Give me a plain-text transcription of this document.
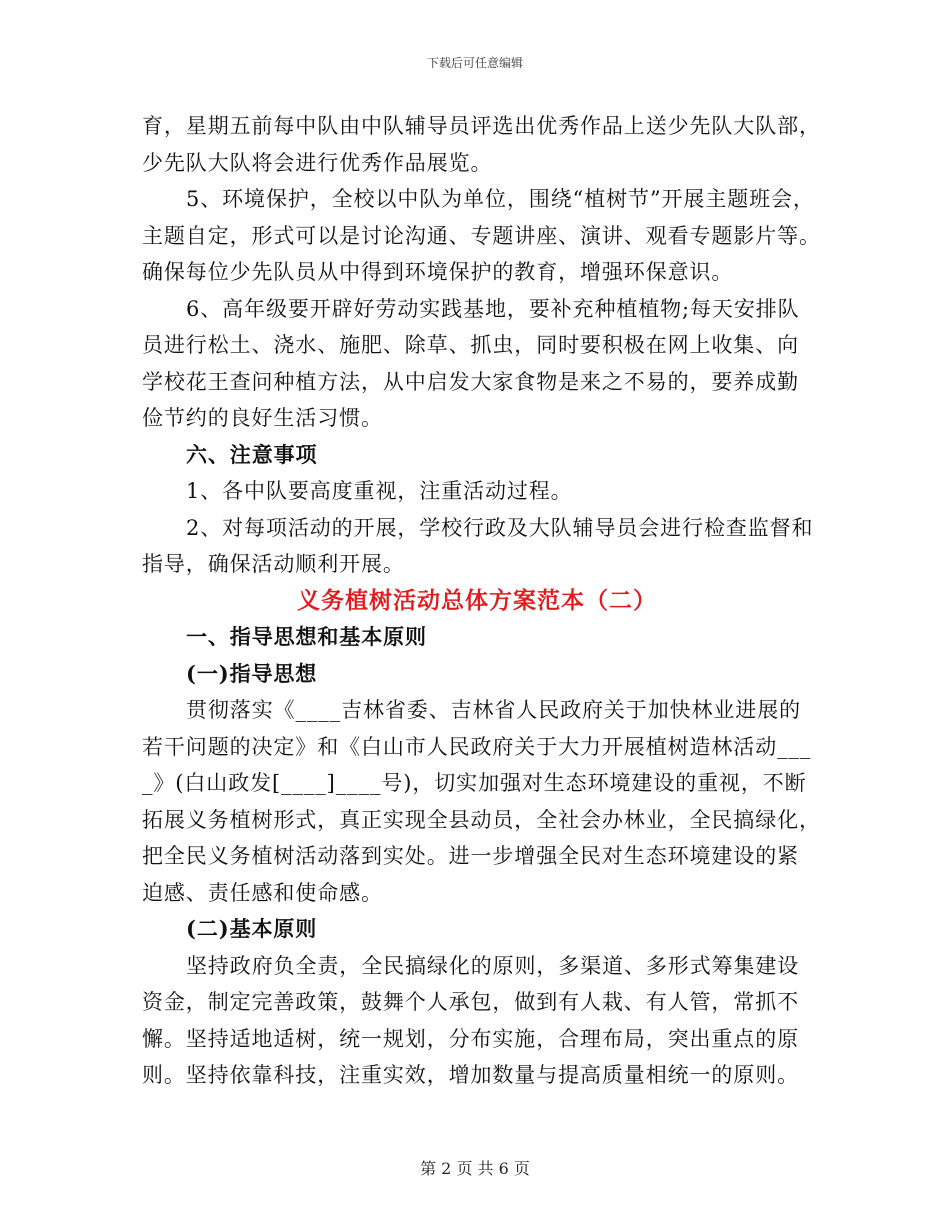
下载后可任意编辑
育，星期五前每中队由中队辅导员评选出优秀作品上送少先队大队部，
少先队大队将会进行优秀作品展览。
5、环境保护，全校以中队为单位，围绕“植树节”开展主题班会，
主题自定，形式可以是讨论沟通、专题讲座、演讲、观看专题影片等。
确保每位少先队员从中得到环境保护的教育，增强环保意识。
6、高年级要开辟好劳动实践基地，要补充种植植物;每天安排队
员进行松土、浇水、施肥、除草、抓虫，同时要积极在网上收集、向
学校花王查问种植方法，从中启发大家食物是来之不易的，要养成勤
俭节约的良好生活习惯。
六、注意事项
1、各中队要高度重视，注重活动过程。
2、对每项活动的开展，学校行政及大队辅导员会进行检查监督和
指导，确保活动顺利开展。
义务植树活动总体方案范本（二）
一、指导思想和基本原则
(一)指导思想
贯彻落实《____吉林省委、吉林省人民政府关于加快林业进展的
若干问题的决定》和《白山市人民政府关于大力开展植树造林活动___
_》(白山政发[____]____号)，切实加强对生态环境建设的重视，不断
拓展义务植树形式，真正实现全县动员，全社会办林业，全民搞绿化，
把全民义务植树活动落到实处。进一步增强全民对生态环境建设的紧
迫感、责任感和使命感。
(二)基本原则
坚持政府负全责，全民搞绿化的原则，多渠道、多形式筹集建设
资金，制定完善政策，鼓舞个人承包，做到有人栽、有人管，常抓不
懈。坚持适地适树，统一规划，分布实施，合理布局，突出重点的原
则。坚持依靠科技，注重实效，增加数量与提高质量相统一的原则。
第 2 页 共 6 页
